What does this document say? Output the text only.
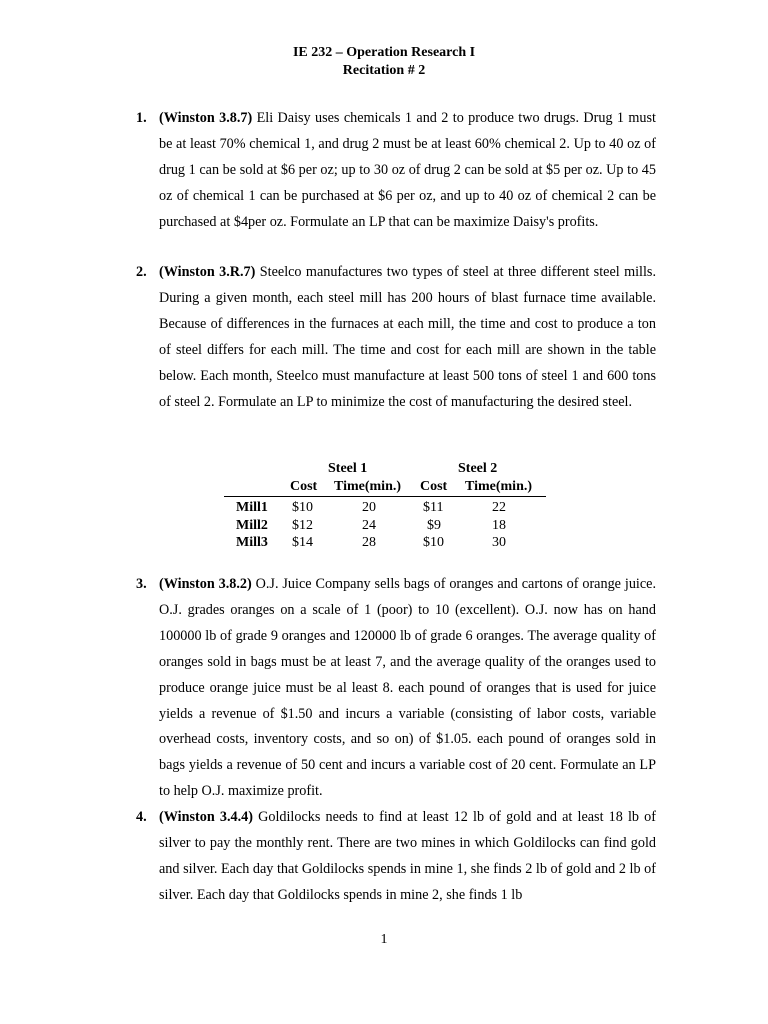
IE 232 – Operation Research I
Recitation # 2
1. (Winston 3.8.7) Eli Daisy uses chemicals 1 and 2 to produce two drugs. Drug 1 must be at least 70% chemical 1, and drug 2 must be at least 60% chemical 2. Up to 40 oz of drug 1 can be sold at $6 per oz; up to 30 oz of drug 2 can be sold at $5 per oz. Up to 45 oz of chemical 1 can be purchased at $6 per oz, and up to 40 oz of chemical 2 can be purchased at $4per oz. Formulate an LP that can be maximize Daisy's profits.
2. (Winston 3.R.7) Steelco manufactures two types of steel at three different steel mills. During a given month, each steel mill has 200 hours of blast furnace time available. Because of differences in the furnaces at each mill, the time and cost to produce a ton of steel differs for each mill. The time and cost for each mill are shown in the table below. Each month, Steelco must manufacture at least 500 tons of steel 1 and 600 tons of steel 2. Formulate an LP to minimize the cost of manufacturing the desired steel.
Steel 1	Steel 2
Cost Time(min.) Cost Time(min.)
Mill1 $10	20	$11	22
Mill2 $12	24	$9	18
Mill3 $14	28	$10	30
3. (Winston 3.8.2) O.J. Juice Company sells bags of oranges and cartons of orange juice. O.J. grades oranges on a scale of 1 (poor) to 10 (excellent). O.J. now has on hand 100000 lb of grade 9 oranges and 120000 lb of grade 6 oranges. The average quality of oranges sold in bags must be at least 7, and the average quality of the oranges used to produce orange juice must be al least 8. each pound of oranges that is used for juice yields a revenue of $1.50 and incurs a variable (consisting of labor costs, variable overhead costs, inventory costs, and so on) of $1.05. each pound of oranges sold in bags yields a revenue of 50 cent and incurs a variable cost of 20 cent. Formulate an LP to help O.J. maximize profit.
4. (Winston 3.4.4) Goldilocks needs to find at least 12 lb of gold and at least 18 lb of silver to pay the monthly rent. There are two mines in which Goldilocks can find gold and silver. Each day that Goldilocks spends in mine 1, she finds 2 lb of gold and 2 lb of silver. Each day that Goldilocks spends in mine 2, she finds 1 lb
1
